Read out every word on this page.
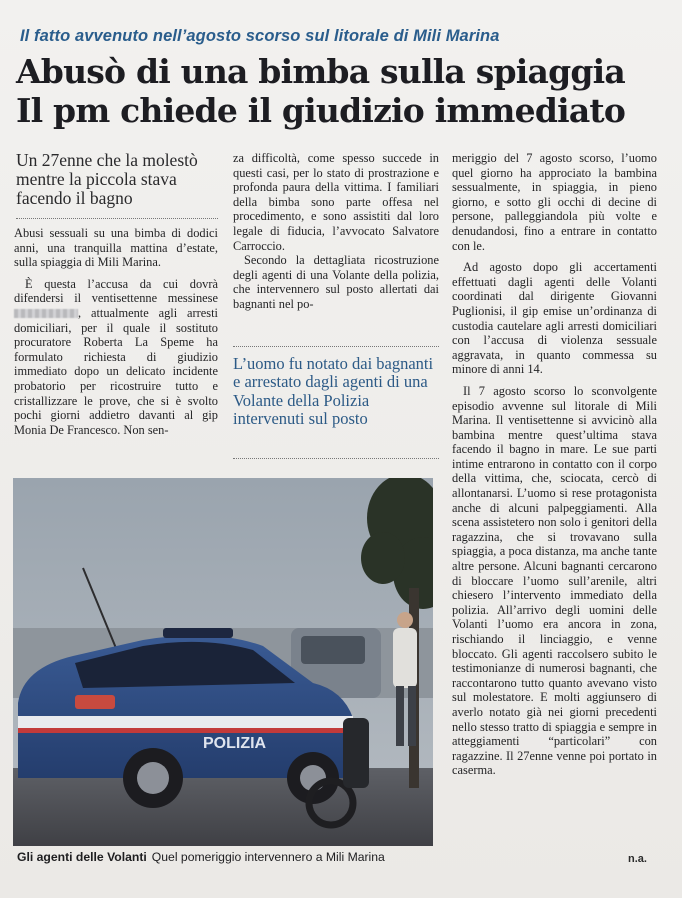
Il fatto avvenuto nell’agosto scorso sul litorale di Mili Marina
Abusò di una bimba sulla spiaggia
Il pm chiede il giudizio immediato
Un 27enne che la molestò mentre la piccola stava facendo il bagno

Abusi sessuali su una bimba di dodici anni, una tranquilla mattina d’estate, sulla spiaggia di Mili Marina.

È questa l’accusa da cui dovrà difendersi il ventisettenne messinese , attualmente agli arresti domiciliari, per il quale il sostituto procuratore Roberta La Speme ha formulato richiesta di giudizio immediato dopo un delicato incidente probatorio per ricostruire tutto e cristallizzare le prove, che si è svolto pochi giorni addietro davanti al gip Monia De Francesco. Non sen-

za difficoltà, come spesso succede in questi casi, per lo stato di prostrazione e profonda paura della vittima. I familiari della bimba sono parte offesa nel procedimento, e sono assistiti dal loro legale di fiducia, l’avvocato Salvatore Carroccio.

Secondo la dettagliata ricostruzione degli agenti di una Volante della polizia, che intervennero sul posto allertati dai bagnanti nel po-

L’uomo fu notato dai bagnanti e arrestato dagli agenti di una Volante della Polizia intervenuti sul posto

meriggio del 7 agosto scorso, l’uomo quel giorno ha approciato la bambina sessualmente, in spiaggia, in pieno giorno, e sotto gli occhi di decine di persone, palleggiandola più volte e denudandosi, fino a entrare in contatto con le.

Ad agosto dopo gli accertamenti effettuati dagli agenti delle Volanti coordinati dal dirigente Giovanni Puglionisi, il gip emise un’ordinanza di custodia cautelare agli arresti domiciliari con l’accusa di violenza sessuale aggravata, in quanto commessa su minore di anni 14.

Il 7 agosto scorso lo sconvolgente episodio avvenne sul litorale di Mili Marina. Il ventisettenne si avvicinò alla bambina mentre quest’ultima stava facendo il bagno in mare. Le sue parti intime entrarono in contatto con il corpo della vittima, che, sciocata, cercò di allontanarsi. L’uomo si rese protagonista anche di alcuni palpeggiamenti. Alla scena assistetero non solo i genitori della ragazzina, che si trovavano sulla spiaggia, a poca distanza, ma anche tante altre persone. Alcuni bagnanti cercarono di bloccare l’uomo sull’arenile, altri chiesero l’intervento immediato della polizia. All’arrivo degli uomini delle Volanti l’uomo era ancora in zona, rischiando il linciaggio, e venne bloccato. Gli agenti raccolsero subito le testimonianze di numerosi bagnanti, che raccontarono tutto quanto avevano visto sul molestatore. E molti aggiunsero di averlo notato già nei giorni precedenti nello stesso tratto di spiaggia e sempre in atteggiamenti “particolari” con ragazzine. Il 27enne venne poi portato in caserma.

POLIZIA
Gli agenti delle Volanti Quel pomeriggio intervennero a Mili Marina	n.a.
